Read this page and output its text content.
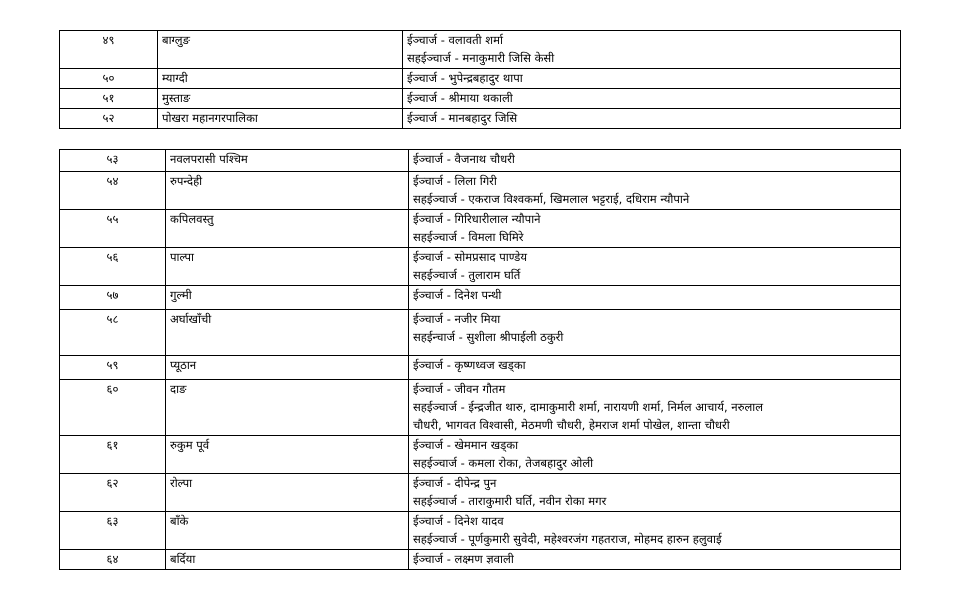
४९	बाग्लुङ	ईञ्चार्ज - वलावती शर्मा
सहईञ्चार्ज - मनाकुमारी जिसि केसी

५०	म्याग्दी	ईञ्चार्ज - भुपेन्द्रबहादुर थापा

५१	मुस्ताङ	ईञ्चार्ज - श्रीमाया थकाली

५२	पोखरा महानगरपालिका	ईञ्चार्ज - मानबहादुर जिसि
५३	नवलपरासी पश्चिम	ईञ्चार्ज - वैजनाथ चौधरी

५४	रुपन्देही	ईञ्चार्ज - लिला गिरी
सहईञ्चार्ज - एकराज विश्वकर्मा, खिमलाल भट्टराई, दधिराम न्यौपाने

५५	कपिलवस्तु	ईञ्चार्ज - गिरिधारीलाल न्यौपाने
सहईञ्चार्ज - विमला घिमिरे

५६	पाल्पा	ईञ्चार्ज - सोमप्रसाद पाण्डेय
सहईञ्चार्ज - तुलाराम घर्ति

५७	गुल्मी	ईञ्चार्ज - दिनेश पन्थी

५८	अर्घाखाँची	ईञ्चार्ज - नजीर मिया
सहईन्चार्ज - सुशीला श्रीपाईली ठकुरी

५९	प्यूठान	ईञ्चार्ज - कृष्णध्वज खड्का

६०	दाङ	ईञ्चार्ज - जीवन गौतम
सहईञ्चार्ज - ईन्द्रजीत थारु, दामाकुमारी शर्मा, नारायणी शर्मा, निर्मल आचार्य, नरुलाल
चौधरी, भागवत विश्वासी, मेठमणी चौधरी, हेमराज शर्मा पोखेल, शान्ता चौधरी

६१	रुकुम पूर्व	ईञ्चार्ज - खेममान खड्का
सहईञ्चार्ज - कमला रोका, तेजबहादुर ओली

६२	रोल्पा	ईञ्चार्ज - दीपेन्द्र पुन
सहईञ्चार्ज - ताराकुमारी घर्ति, नवीन रोका मगर

६३	बाँके	ईञ्चार्ज - दिनेश यादव
सहईञ्चार्ज - पूर्णकुमारी सुवेदी, महेश्वरजंग गहतराज, मोहमद हारुन हलुवाई

६४	बर्दिया	ईञ्चार्ज - लक्ष्मण ज्ञवाली
